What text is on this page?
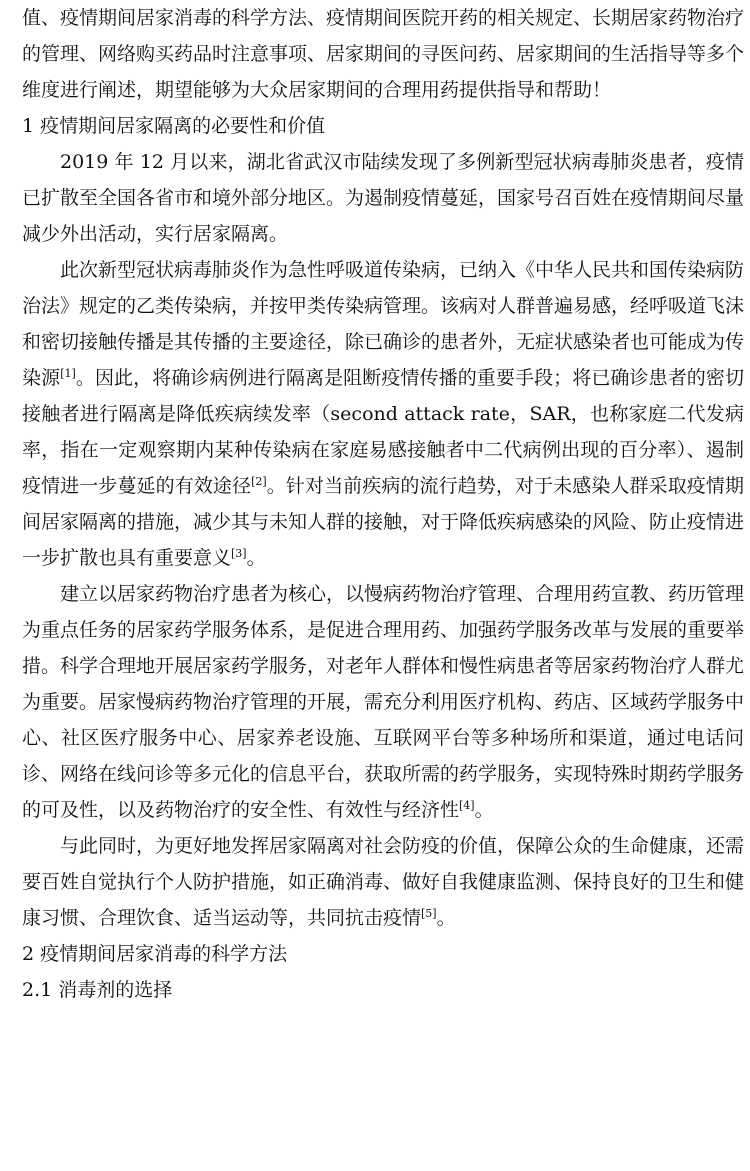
值、疫情期间居家消毒的科学方法、疫情期间医院开药的相关规定、长期居家药物治疗的管理、网络购买药品时注意事项、居家期间的寻医问药、居家期间的生活指导等多个维度进行阐述，期望能够为大众居家期间的合理用药提供指导和帮助！

1 疫情期间居家隔离的必要性和价值

2019 年 12 月以来，湖北省武汉市陆续发现了多例新型冠状病毒肺炎患者，疫情已扩散至全国各省市和境外部分地区。为遏制疫情蔓延，国家号召百姓在疫情期间尽量减少外出活动，实行居家隔离。

此次新型冠状病毒肺炎作为急性呼吸道传染病，已纳入《中华人民共和国传染病防治法》规定的乙类传染病，并按甲类传染病管理。该病对人群普遍易感，经呼吸道飞沫和密切接触传播是其传播的主要途径，除已确诊的患者外，无症状感染者也可能成为传染源[1]。因此，将确诊病例进行隔离是阻断疫情传播的重要手段；将已确诊患者的密切接触者进行隔离是降低疾病续发率（second attack rate，SAR，也称家庭二代发病率，指在一定观察期内某种传染病在家庭易感接触者中二代病例出现的百分率）、遏制疫情进一步蔓延的有效途径[2]。针对当前疾病的流行趋势，对于未感染人群采取疫情期间居家隔离的措施，减少其与未知人群的接触，对于降低疾病感染的风险、防止疫情进一步扩散也具有重要意义[3]。

建立以居家药物治疗患者为核心，以慢病药物治疗管理、合理用药宣教、药历管理为重点任务的居家药学服务体系，是促进合理用药、加强药学服务改革与发展的重要举措。科学合理地开展居家药学服务，对老年人群体和慢性病患者等居家药物治疗人群尤为重要。居家慢病药物治疗管理的开展，需充分利用医疗机构、药店、区域药学服务中心、社区医疗服务中心、居家养老设施、互联网平台等多种场所和渠道，通过电话问诊、网络在线问诊等多元化的信息平台，获取所需的药学服务，实现特殊时期药学服务的可及性，以及药物治疗的安全性、有效性与经济性[4]。

与此同时，为更好地发挥居家隔离对社会防疫的价值，保障公众的生命健康，还需要百姓自觉执行个人防护措施，如正确消毒、做好自我健康监测、保持良好的卫生和健康习惯、合理饮食、适当运动等，共同抗击疫情[5]。

2 疫情期间居家消毒的科学方法

2.1 消毒剂的选择
